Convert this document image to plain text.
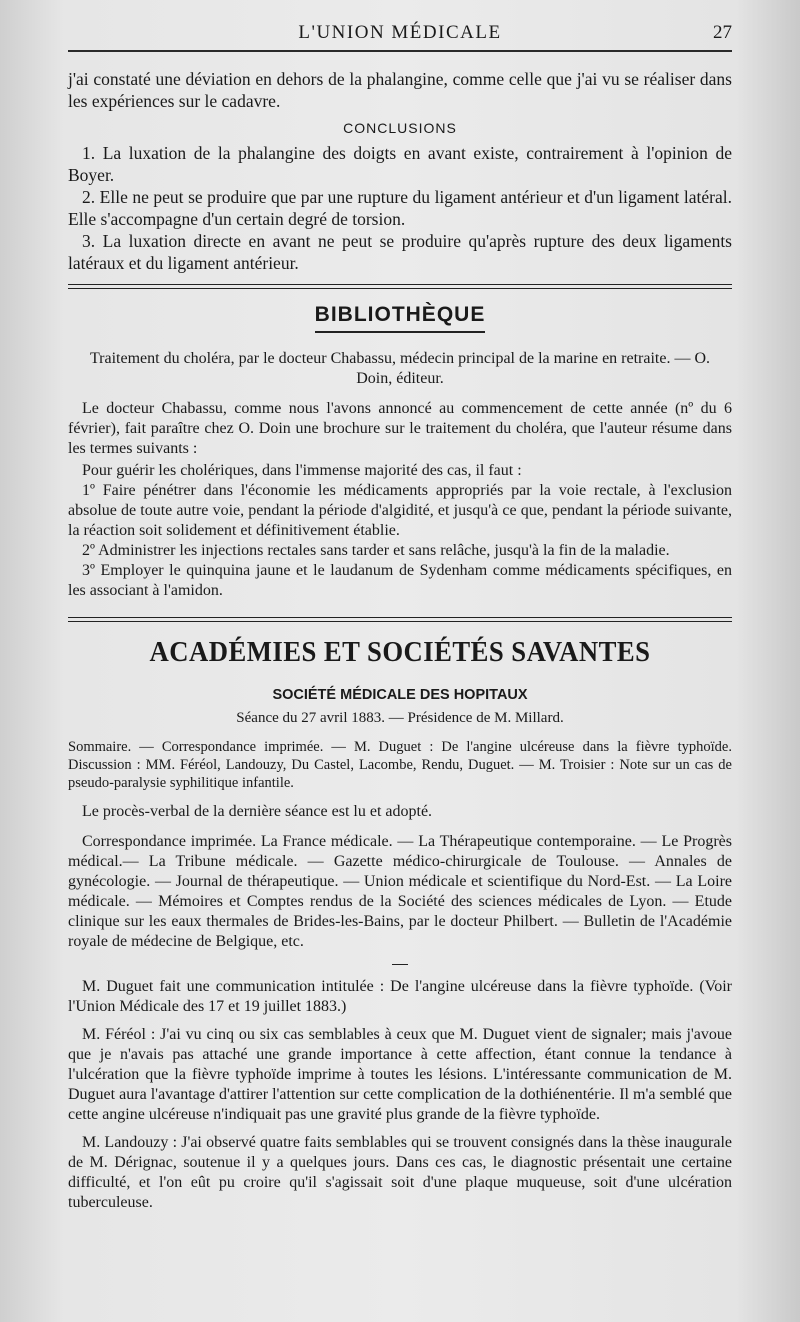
L'UNION MÉDICALE	27

j'ai constaté une déviation en dehors de la phalangine, comme celle que j'ai vu se réaliser dans les expériences sur le cadavre.

CONCLUSIONS

1. La luxation de la phalangine des doigts en avant existe, contrairement à l'opinion de Boyer.

2. Elle ne peut se produire que par une rupture du ligament antérieur et d'un ligament latéral. Elle s'accompagne d'un certain degré de torsion.

3. La luxation directe en avant ne peut se produire qu'après rupture des deux ligaments latéraux et du ligament antérieur.

BIBLIOTHÈQUE

Traitement du choléra, par le docteur Chabassu, médecin principal de la marine en retraite. — O. Doin, éditeur.

Le docteur Chabassu, comme nous l'avons annoncé au commencement de cette année (nº du 6 février), fait paraître chez O. Doin une brochure sur le traitement du choléra, que l'auteur résume dans les termes suivants :

Pour guérir les cholériques, dans l'immense majorité des cas, il faut :

1º Faire pénétrer dans l'économie les médicaments appropriés par la voie rectale, à l'exclusion absolue de toute autre voie, pendant la période d'algidité, et jusqu'à ce que, pendant la période suivante, la réaction soit solidement et définitivement établie.

2º Administrer les injections rectales sans tarder et sans relâche, jusqu'à la fin de la maladie.

3º Employer le quinquina jaune et le laudanum de Sydenham comme médicaments spécifiques, en les associant à l'amidon.

ACADÉMIES ET SOCIÉTÉS SAVANTES

SOCIÉTÉ MÉDICALE DES HOPITAUX

Séance du 27 avril 1883. — Présidence de M. Millard.

Sommaire. — Correspondance imprimée. — M. Duguet : De l'angine ulcéreuse dans la fièvre typhoïde. Discussion : MM. Féréol, Landouzy, Du Castel, Lacombe, Rendu, Duguet. — M. Troisier : Note sur un cas de pseudo-paralysie syphilitique infantile.

Le procès-verbal de la dernière séance est lu et adopté.

Correspondance imprimée. La France médicale. — La Thérapeutique contemporaine. — Le Progrès médical.— La Tribune médicale. — Gazette médico-chirurgicale de Toulouse. — Annales de gynécologie. — Journal de thérapeutique. — Union médicale et scientifique du Nord-Est. — La Loire médicale. — Mémoires et Comptes rendus de la Société des sciences médicales de Lyon. — Etude clinique sur les eaux thermales de Brides-les-Bains, par le docteur Philbert. — Bulletin de l'Académie royale de médecine de Belgique, etc.

M. Duguet fait une communication intitulée : De l'angine ulcéreuse dans la fièvre typhoïde. (Voir l'Union Médicale des 17 et 19 juillet 1883.)

M. Féréol : J'ai vu cinq ou six cas semblables à ceux que M. Duguet vient de signaler; mais j'avoue que je n'avais pas attaché une grande importance à cette affection, étant connue la tendance à l'ulcération que la fièvre typhoïde imprime à toutes les lésions. L'intéressante communication de M. Duguet aura l'avantage d'attirer l'attention sur cette complication de la dothiénentérie. Il m'a semblé que cette angine ulcéreuse n'indiquait pas une gravité plus grande de la fièvre typhoïde.

M. Landouzy : J'ai observé quatre faits semblables qui se trouvent consignés dans la thèse inaugurale de M. Dérignac, soutenue il y a quelques jours. Dans ces cas, le diagnostic présentait une certaine difficulté, et l'on eût pu croire qu'il s'agissait soit d'une plaque muqueuse, soit d'une ulcération tuberculeuse.
